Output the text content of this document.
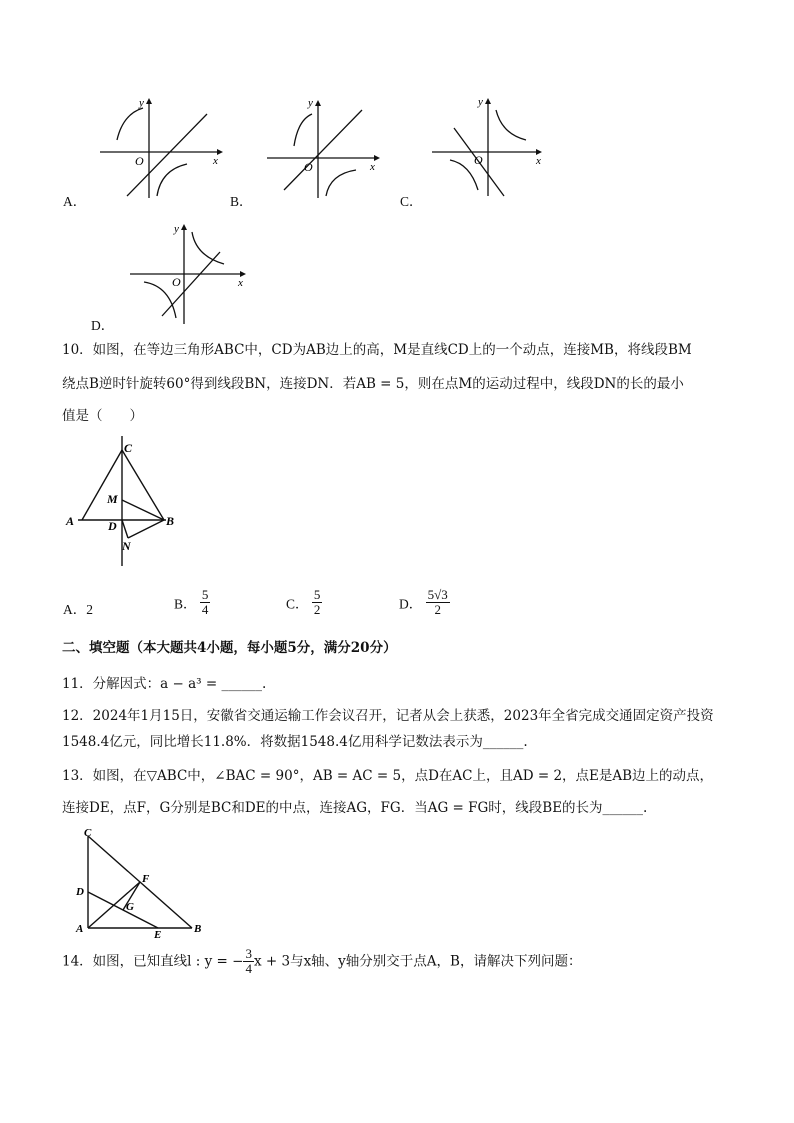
y
x
O
A．
y
x
O
B．
y
x
O
C．
y
x
O
D．
10．如图，在等边三角形ABC中，CD为AB边上的高，M是直线CD上的一个动点，连接MB，将线段BM
绕点B逆时针旋转60°得到线段BN，连接DN．若AB = 5，则在点M的运动过程中，线段DN的长的最小
值是（　　）
C
M
A	D	B
N
A．2	B． $\frac{5}{4}$	C． $\frac{5}{2}$	D． $\frac{5√3}{2}$
二、填空题（本大题共4小题，每小题5分，满分20分）
11．分解因式：a − a³ = ______.
12．2024年1月15日，安徽省交通运输工作会议召开，记者从会上获悉，2023年全省完成交通固定资产投资
1548.4亿元，同比增长11.8%．将数据1548.4亿用科学记数法表示为______.
13．如图，在▽ABC中，∠BAC = 90°，AB = AC = 5，点D在AC上，且AD = 2，点E是AB边上的动点，
连接DE，点F，G分别是BC和DE的中点，连接AG，FG．当AG = FG时，线段BE的长为______.
C
F
D
G
A	E	B
14．如图，已知直线l : y = − $\frac{3}{4}$ x + 3与x轴、y轴分别交于点A，B，请解决下列问题：
